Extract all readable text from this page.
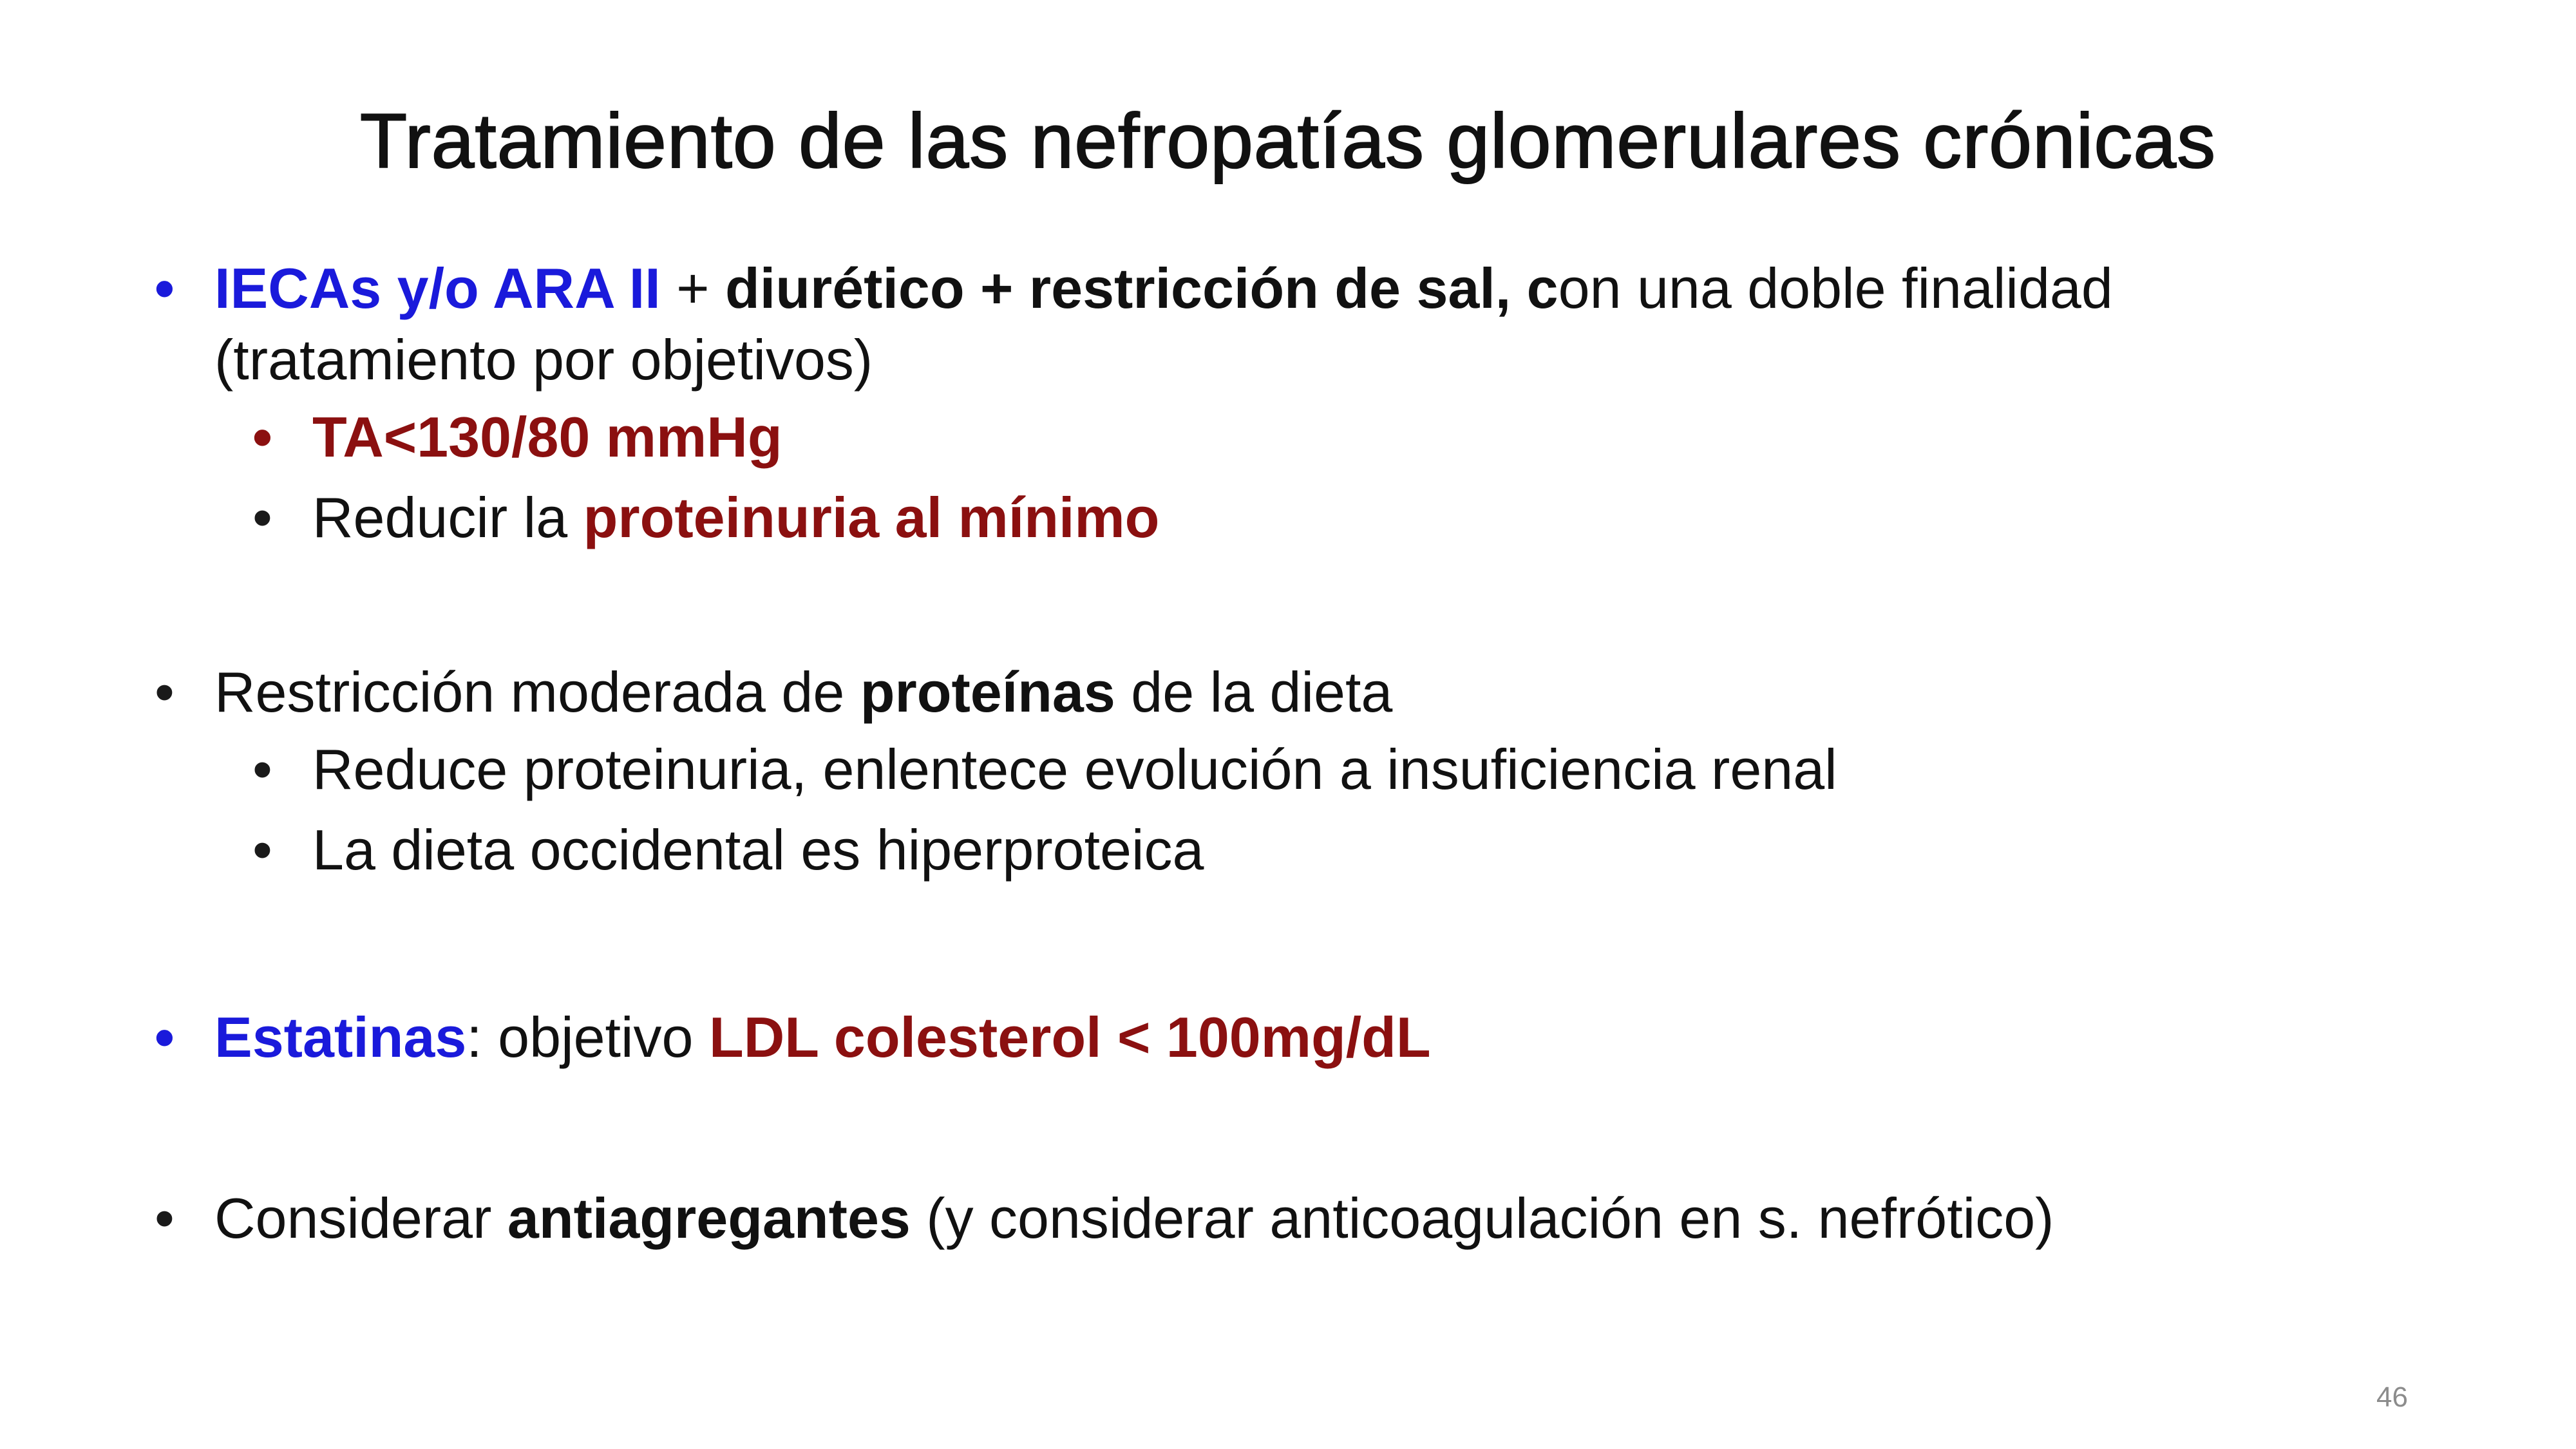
Tratamiento de las nefropatías glomerulares crónicas
• IECAs y/o ARA II + diurético + restricción de sal, con una doble finalidad
(tratamiento por objetivos)
• TA<130/80 mmHg
• Reducir la proteinuria al mínimo
• Restricción moderada de proteínas de la dieta
• Reduce proteinuria, enlentece evolución a insuficiencia renal
• La dieta occidental es hiperproteica
• Estatinas: objetivo LDL colesterol < 100mg/dL
• Considerar antiagregantes (y considerar anticoagulación en s. nefrótico)
46
